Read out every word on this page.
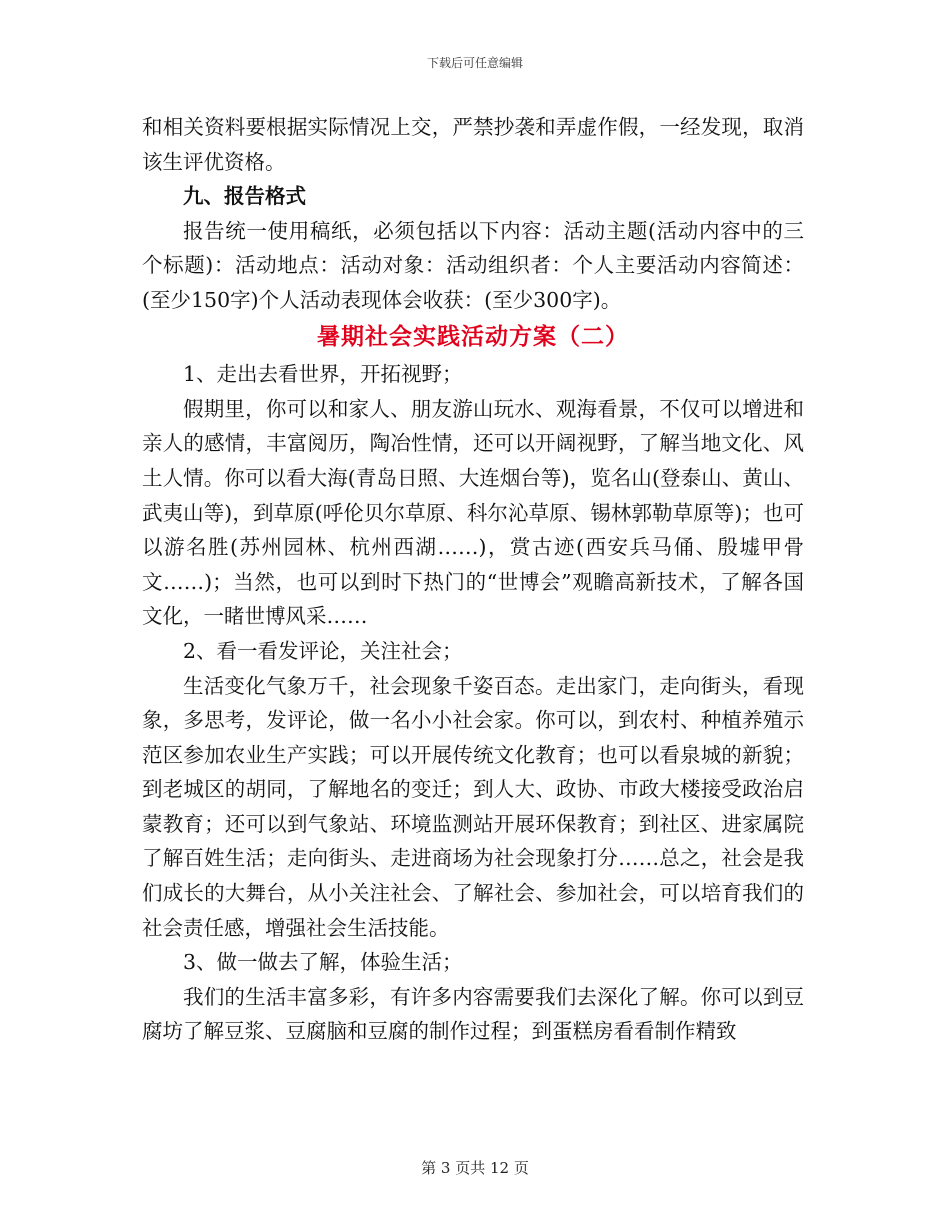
下载后可任意编辑

和相关资料要根据实际情况上交，严禁抄袭和弄虚作假，一经发现，取消该生评优资格。

九、报告格式

报告统一使用稿纸，必须包括以下内容：活动主题(活动内容中的三个标题)：活动地点：活动对象：活动组织者：个人主要活动内容简述：(至少150字)个人活动表现体会收获：(至少300字)。

暑期社会实践活动方案（二）

1、走出去看世界，开拓视野；

假期里，你可以和家人、朋友游山玩水、观海看景，不仅可以增进和亲人的感情，丰富阅历，陶冶性情，还可以开阔视野，了解当地文化、风土人情。你可以看大海(青岛日照、大连烟台等)，览名山(登泰山、黄山、武夷山等)，到草原(呼伦贝尔草原、科尔沁草原、锡林郭勒草原等)；也可以游名胜(苏州园林、杭州西湖……)，赏古迹(西安兵马俑、殷墟甲骨文……)；当然，也可以到时下热门的“世博会”观瞻高新技术，了解各国文化，一睹世博风采……

2、看一看发评论，关注社会；

生活变化气象万千，社会现象千姿百态。走出家门，走向街头，看现象，多思考，发评论，做一名小小社会家。你可以，到农村、种植养殖示范区参加农业生产实践；可以开展传统文化教育；也可以看泉城的新貌；到老城区的胡同，了解地名的变迁；到人大、政协、市政大楼接受政治启蒙教育；还可以到气象站、环境监测站开展环保教育；到社区、进家属院了解百姓生活；走向街头、走进商场为社会现象打分……总之，社会是我们成长的大舞台，从小关注社会、了解社会、参加社会，可以培育我们的社会责任感，增强社会生活技能。

3、做一做去了解，体验生活；

我们的生活丰富多彩，有许多内容需要我们去深化了解。你可以到豆腐坊了解豆浆、豆腐脑和豆腐的制作过程；到蛋糕房看看制作精致

第 3 页共 12 页
